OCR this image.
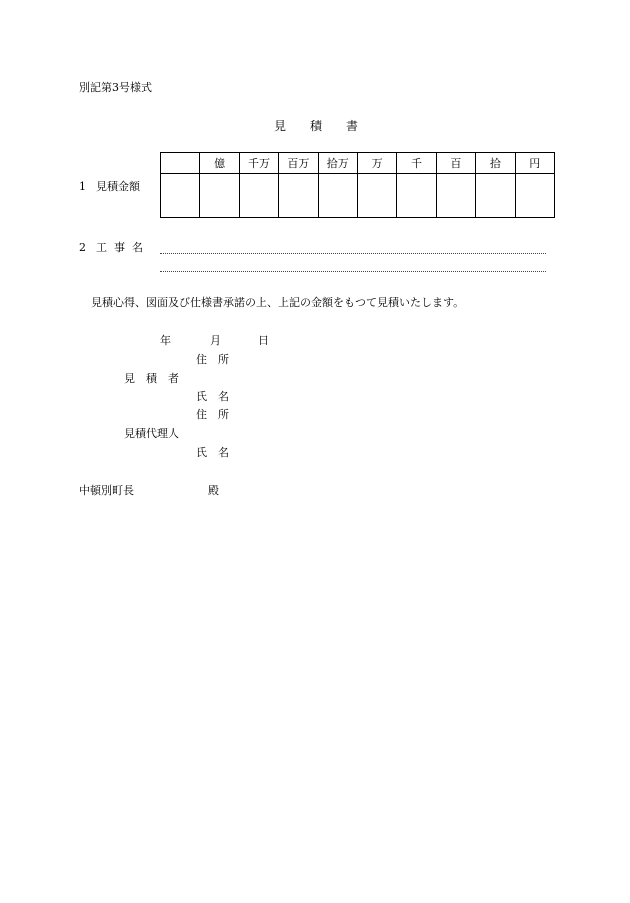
別記第3号様式
見 積 書
1 見積金額
	億	千万	百万	拾万	万	千	百	拾	円

2 工 事 名
見積心得、図面及び仕様書承諾の上、上記の金額をもつて見積いたします。
年	月	日
住　所
見　積　者
氏　名
住　所
見積代理人
氏　名
中頓別町長	殿
